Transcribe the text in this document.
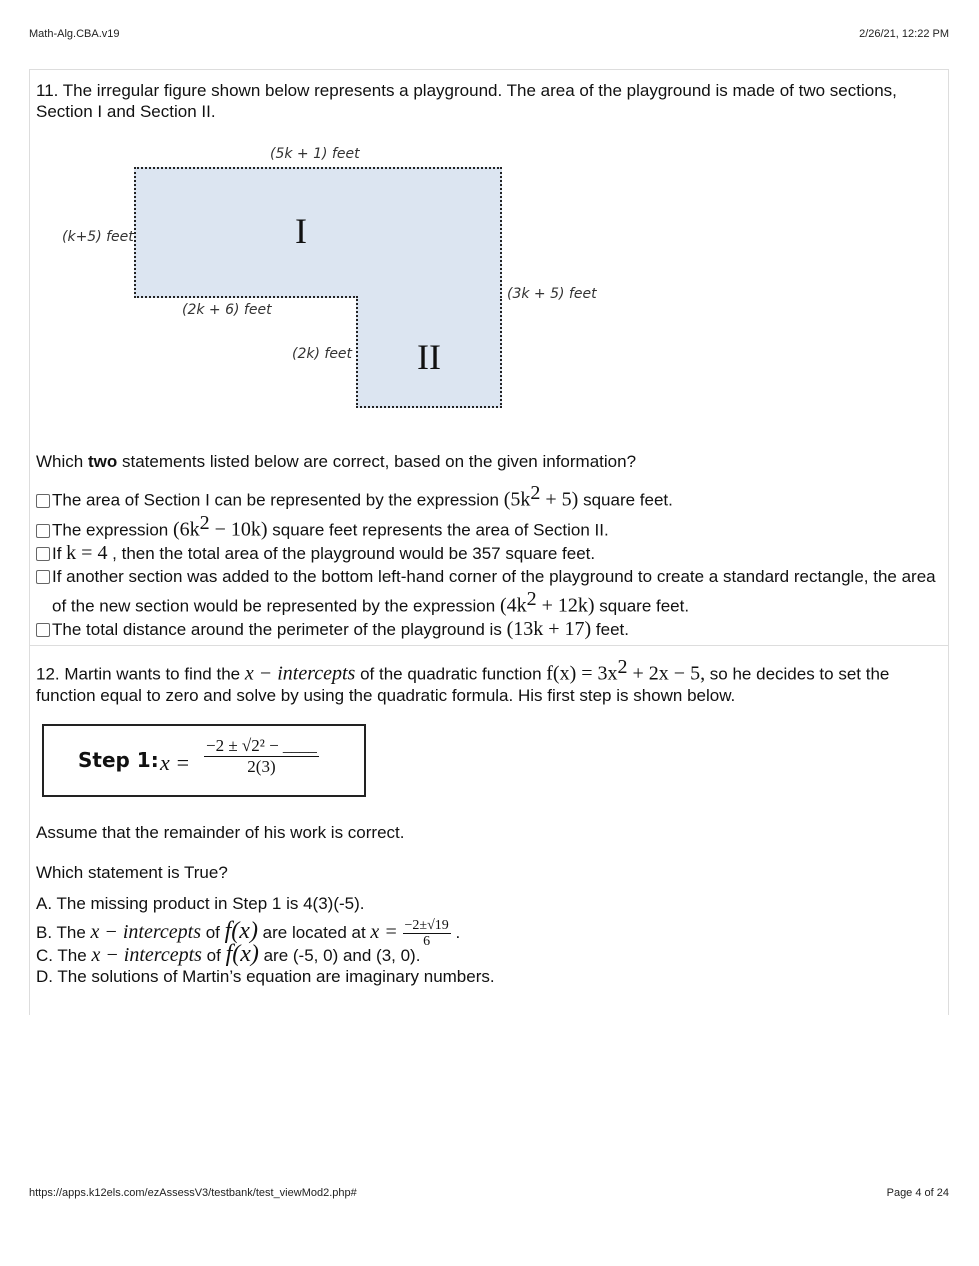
Math-Alg.CBA.v19	2/26/21, 12:22 PM
11. The irregular figure shown below represents a playground. The area of the playground is made of two sections, Section I and Section II.
I
II
(5k + 1) feet
(k+5) feet
(3k + 5) feet
(2k + 6) feet
(2k) feet
Which two statements listed below are correct, based on the given information?
The area of Section I can be represented by the expression $(5k^2 + 5)$ square feet.
The expression $(6k^2 - 10k)$ square feet represents the area of Section II.
If k = 4 , then the total area of the playground would be 357 square feet.
If another section was added to the bottom left-hand corner of the playground to create a standard rectangle, the area of the new section would be represented by the expression $(4k^2 + 12k)$ square feet.
The total distance around the perimeter of the playground is (13k + 17) feet.
12. Martin wants to find the x − intercepts of the quadratic function $f(x) = 3x^2 + 2x - 5$, so he decides to set the function equal to zero and solve by using the quadratic formula. His first step is shown below.
Step 1: $x = \frac{\text{−2 ± √2² − \_\_\_\_}}{2(3)}$
Assume that the remainder of his work is correct.
Which statement is True?
A. The missing product in Step 1 is 4(3)(-5).
B. The x − intercepts of f(x) are located at $x = \frac{-2\pm√19}{6}$ .
C. The x − intercepts of f(x) are (-5, 0) and (3, 0).
D. The solutions of Martin’s equation are imaginary numbers.
https://apps.k12els.com/ezAssessV3/testbank/test_viewMod2.php#	Page 4 of 24
